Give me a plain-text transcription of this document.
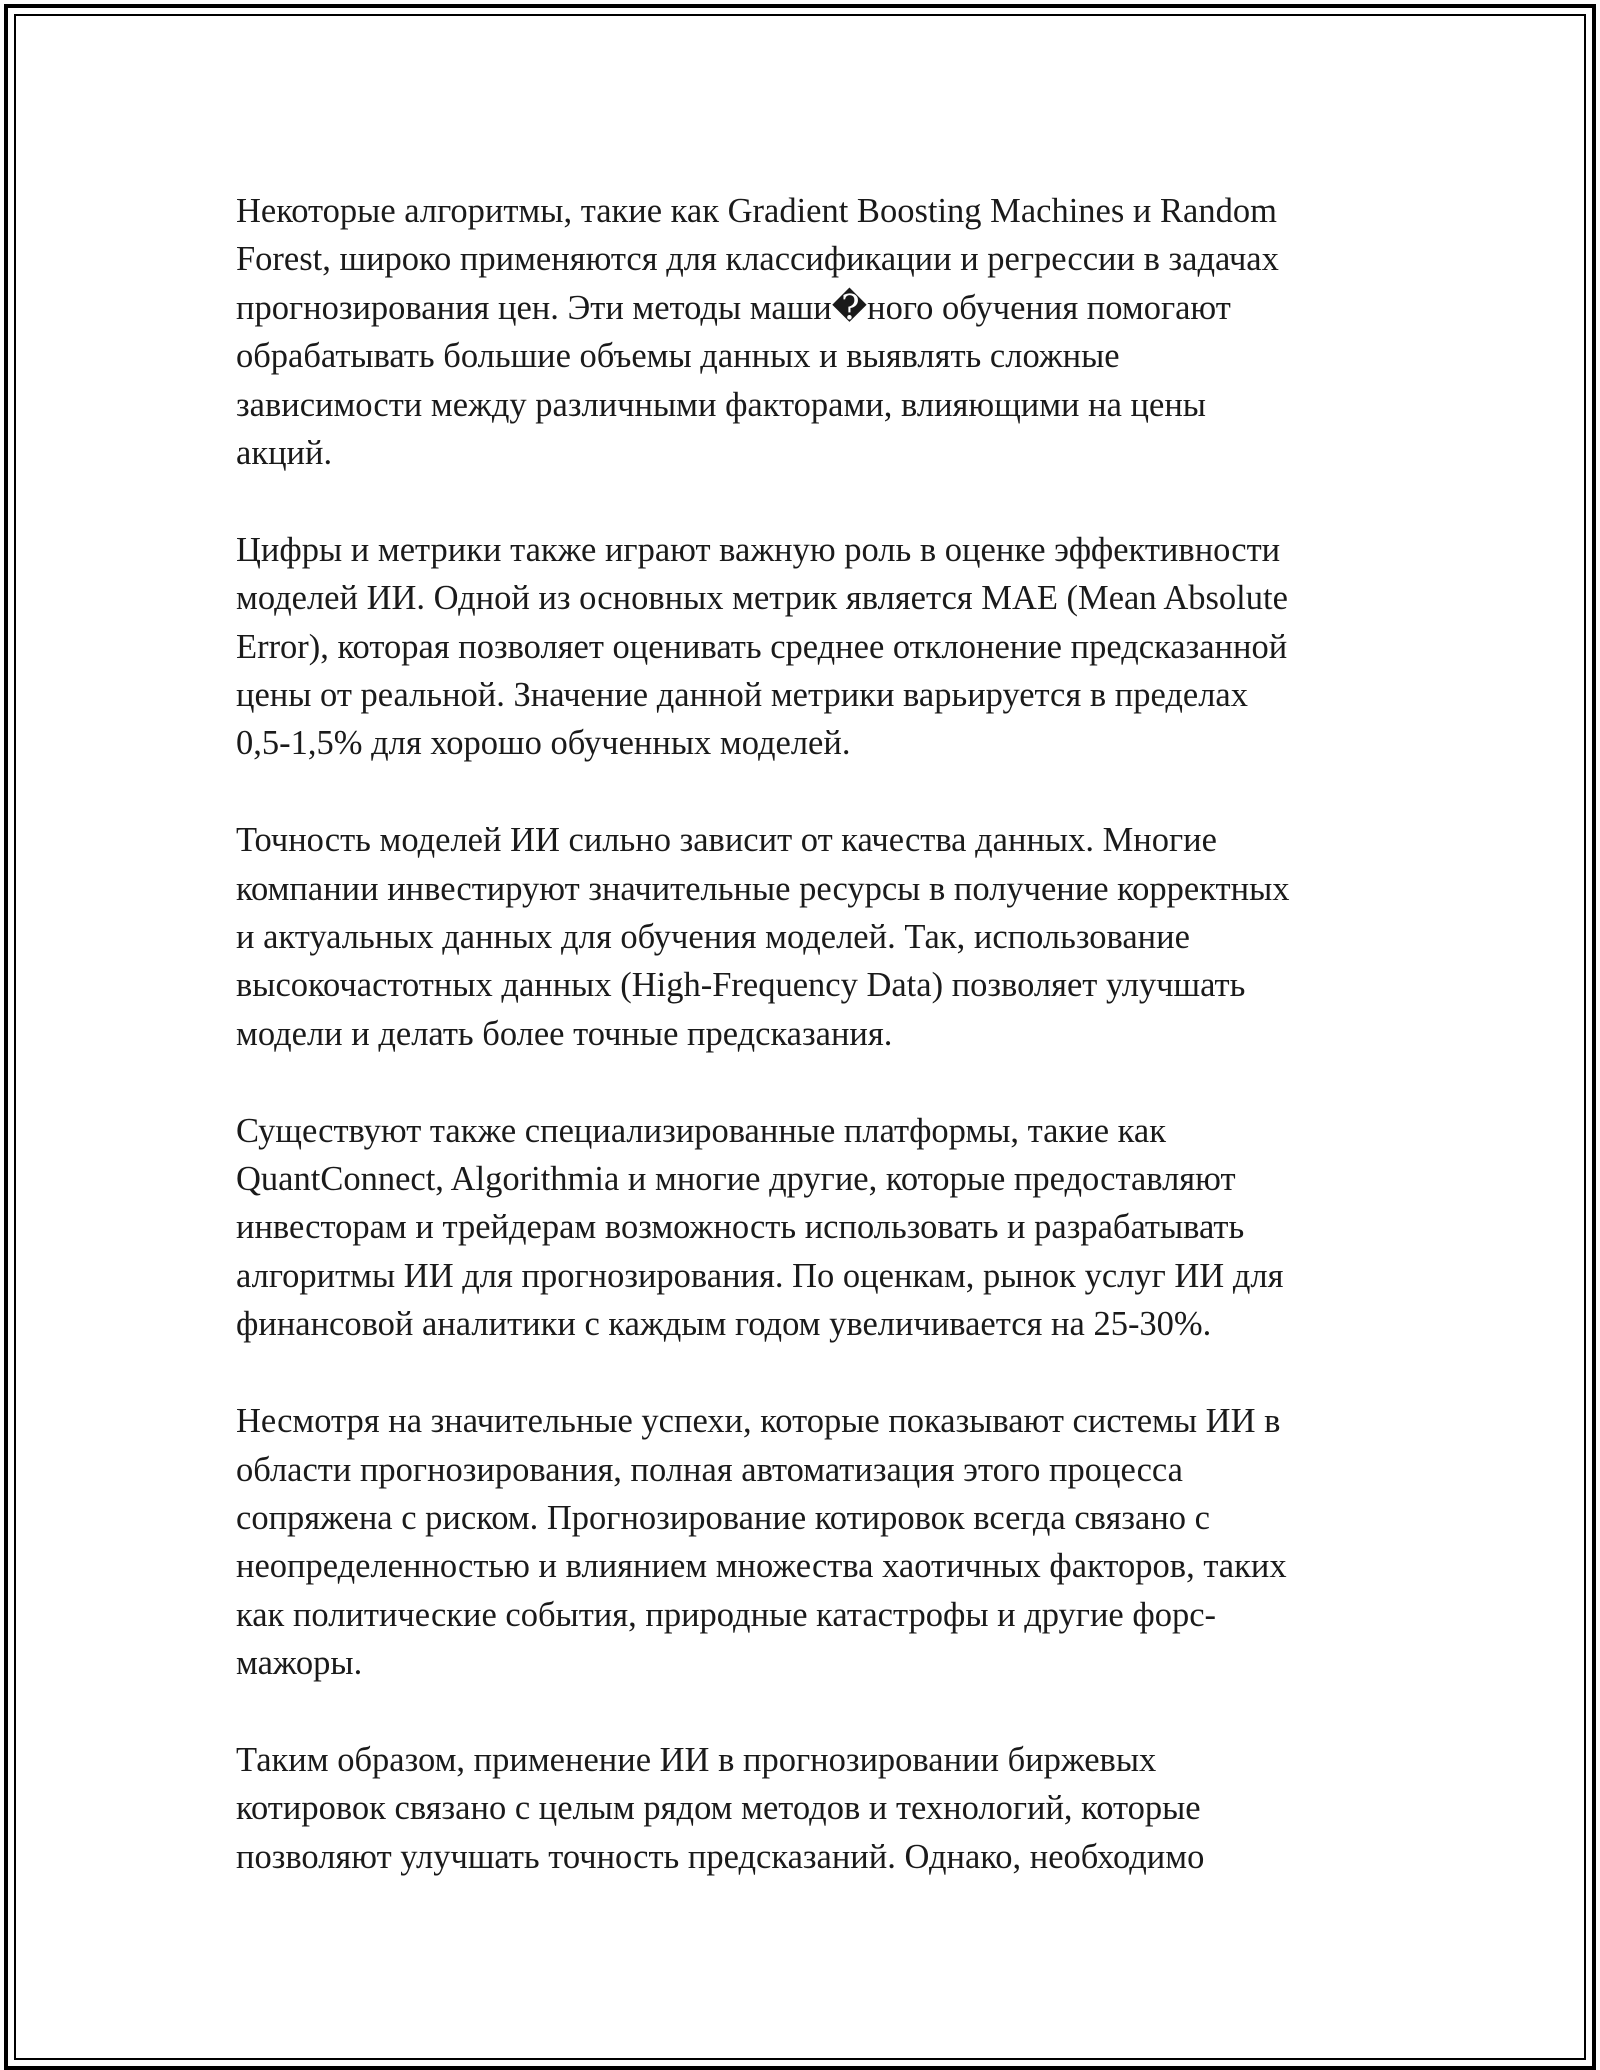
Некоторые алгоритмы, такие как Gradient Boosting Machines и Random
Forest, широко применяются для классификации и регрессии в задачах
прогнозирования цен. Эти методы маши�ного обучения помогают
обрабатывать большие объемы данных и выявлять сложные
зависимости между различными факторами, влияющими на цены
акций.

Цифры и метрики также играют важную роль в оценке эффективности
моделей ИИ. Одной из основных метрик является MAE (Mean Absolute
Error), которая позволяет оценивать среднее отклонение предсказанной
цены от реальной. Значение данной метрики варьируется в пределах
0,5-1,5% для хорошо обученных моделей.

Точность моделей ИИ сильно зависит от качества данных. Многие
компании инвестируют значительные ресурсы в получение корректных
и актуальных данных для обучения моделей. Так, использование
высокочастотных данных (High-Frequency Data) позволяет улучшать
модели и делать более точные предсказания.

Существуют также специализированные платформы, такие как
QuantConnect, Algorithmia и многие другие, которые предоставляют
инвесторам и трейдерам возможность использовать и разрабатывать
алгоритмы ИИ для прогнозирования. По оценкам, рынок услуг ИИ для
финансовой аналитики с каждым годом увеличивается на 25-30%.

Несмотря на значительные успехи, которые показывают системы ИИ в
области прогнозирования, полная автоматизация этого процесса
сопряжена с риском. Прогнозирование котировок всегда связано с
неопределенностью и влиянием множества хаотичных факторов, таких
как политические события, природные катастрофы и другие форс-
мажоры.

Таким образом, применение ИИ в прогнозировании биржевых
котировок связано с целым рядом методов и технологий, которые
позволяют улучшать точность предсказаний. Однако, необходимо
